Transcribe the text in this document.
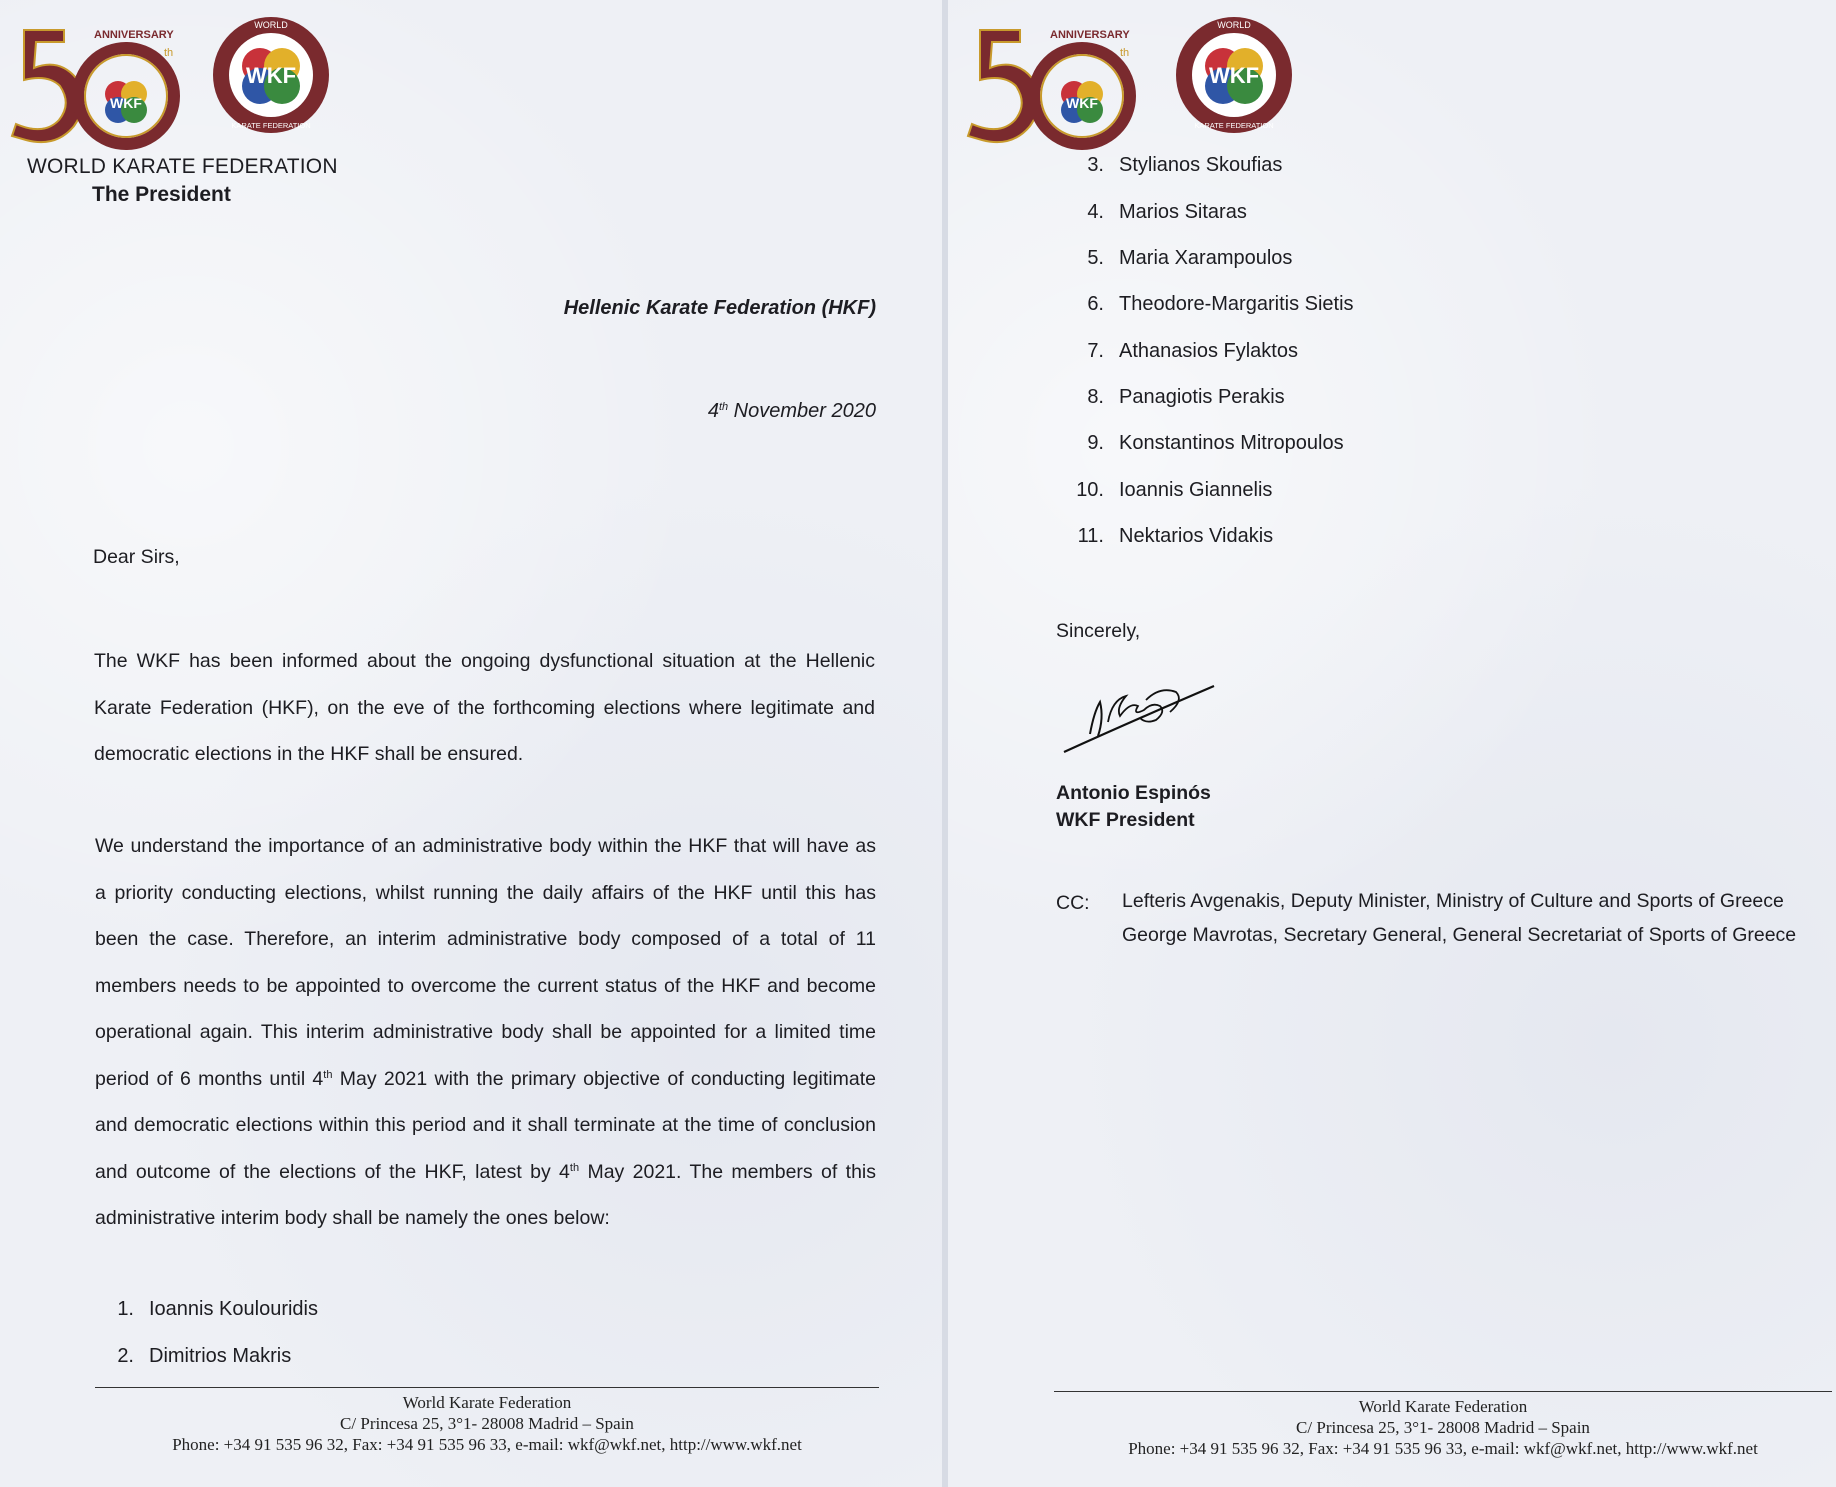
WKF
ANNIVERSARY
th
WKF
WORLD
KARATE FEDERATION
WORLD KARATE FEDERATION
The President
Hellenic Karate Federation (HKF)
4th November 2020
Dear Sirs,
The WKF has been informed about the ongoing dysfunctional situation at the Hellenic Karate Federation (HKF), on the eve of the forthcoming elections where legitimate and democratic elections in the HKF shall be ensured.
We understand the importance of an administrative body within the HKF that will have as a priority conducting elections, whilst running the daily affairs of the HKF until this has been the case. Therefore, an interim administrative body composed of a total of 11 members needs to be appointed to overcome the current status of the HKF and become operational again. This interim administrative body shall be appointed for a limited time period of 6 months until 4th May 2021 with the primary objective of conducting legitimate and democratic elections within this period and it shall terminate at the time of conclusion and outcome of the elections of the HKF, latest by 4th May 2021. The members of this administrative interim body shall be namely the ones below:
1. Ioannis Koulouridis
2. Dimitrios Makris
World Karate Federation
C/ Princesa 25, 3°1- 28008 Madrid – Spain
Phone: +34 91 535 96 32, Fax: +34 91 535 96 33, e-mail: wkf@wkf.net, http://www.wkf.net
WKF
ANNIVERSARY
th
WKF
WORLD
KARATE FEDERATION
3. Stylianos Skoufias
4. Marios Sitaras
5. Maria Xarampoulos
6. Theodore-Margaritis Sietis
7. Athanasios Fylaktos
8. Panagiotis Perakis
9. Konstantinos Mitropoulos
10. Ioannis Giannelis
11. Nektarios Vidakis
Sincerely,
Antonio Espinós
WKF President
CC: Lefteris Avgenakis, Deputy Minister, Ministry of Culture and Sports of Greece
George Mavrotas, Secretary General, General Secretariat of Sports of Greece
World Karate Federation
C/ Princesa 25, 3°1- 28008 Madrid – Spain
Phone: +34 91 535 96 32, Fax: +34 91 535 96 33, e-mail: wkf@wkf.net, http://www.wkf.net
